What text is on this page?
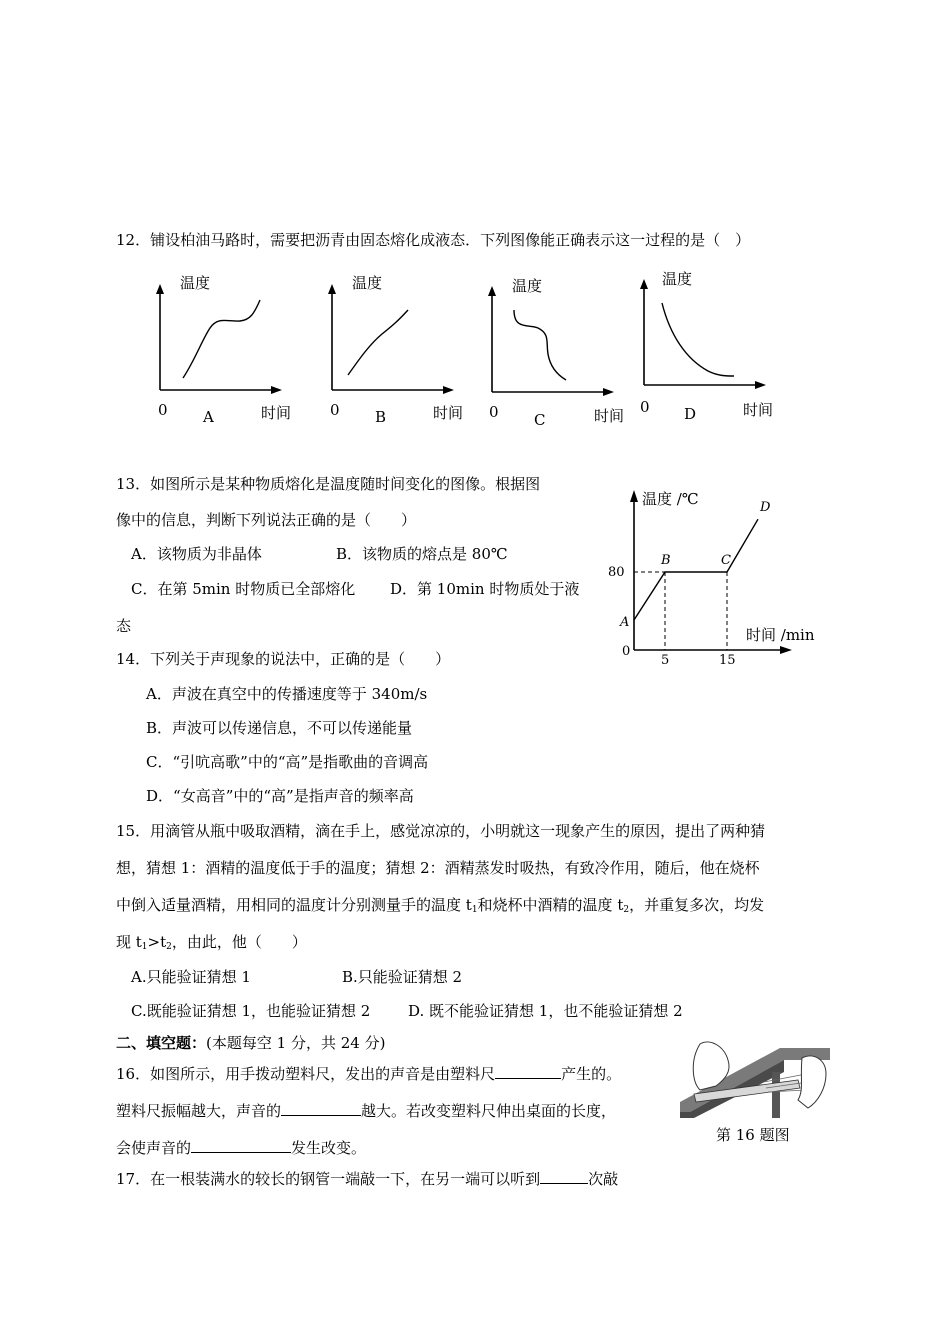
12．铺设柏油马路时，需要把沥青由固态熔化成液态．下列图像能正确表示这一过程的是（　）
温度
0 A	时间
温度
0 B	时间
温度
0 C	时间
温度
0 D	时间
13．如图所示是某种物质熔化是温度随时间变化的图像。根据图
像中的信息，判断下列说法正确的是（　　）
A．该物质为非晶体	B．该物质的熔点是 80℃
C．在第 5min 时物质已全部熔化 D．第 10min 时物质处于液
态	A
B	C
D
80
5	15
0
温度 /℃
时间 /min
14．下列关于声现象的说法中，正确的是（　　）
A．声波在真空中的传播速度等于 340m/s
B．声波可以传递信息，不可以传递能量
C．“引吭高歌”中的“高”是指歌曲的音调高
D．“女高音”中的“高”是指声音的频率高
15．用滴管从瓶中吸取酒精，滴在手上，感觉凉凉的，小明就这一现象产生的原因，提出了两种猜
想，猜想 1：酒精的温度低于手的温度；猜想 2：酒精蒸发时吸热，有致冷作用，随后，他在烧杯
中倒入适量酒精，用相同的温度计分别测量手的温度 $t_1$和烧杯中酒精的温度 $t_2$，并重复多次，均发
现 $t_1>t_2$，由此，他（　　）
A.只能验证猜想 1	B.只能验证猜想 2
C.既能验证猜想 1，也能验证猜想 2	D. 既不能验证猜想 1，也不能验证猜想 2
二、填空题：(本题每空 1 分，共 24 分)
16．如图所示，用手拨动塑料尺，发出的声音是由塑料尺	产生的。
塑料尺振幅越大，声音的	越大。若改变塑料尺伸出桌面的长度，
会使声音的	发生改变。
第 16 题图
17．在一根装满水的较长的钢管一端敲一下，在另一端可以听到	次敲
